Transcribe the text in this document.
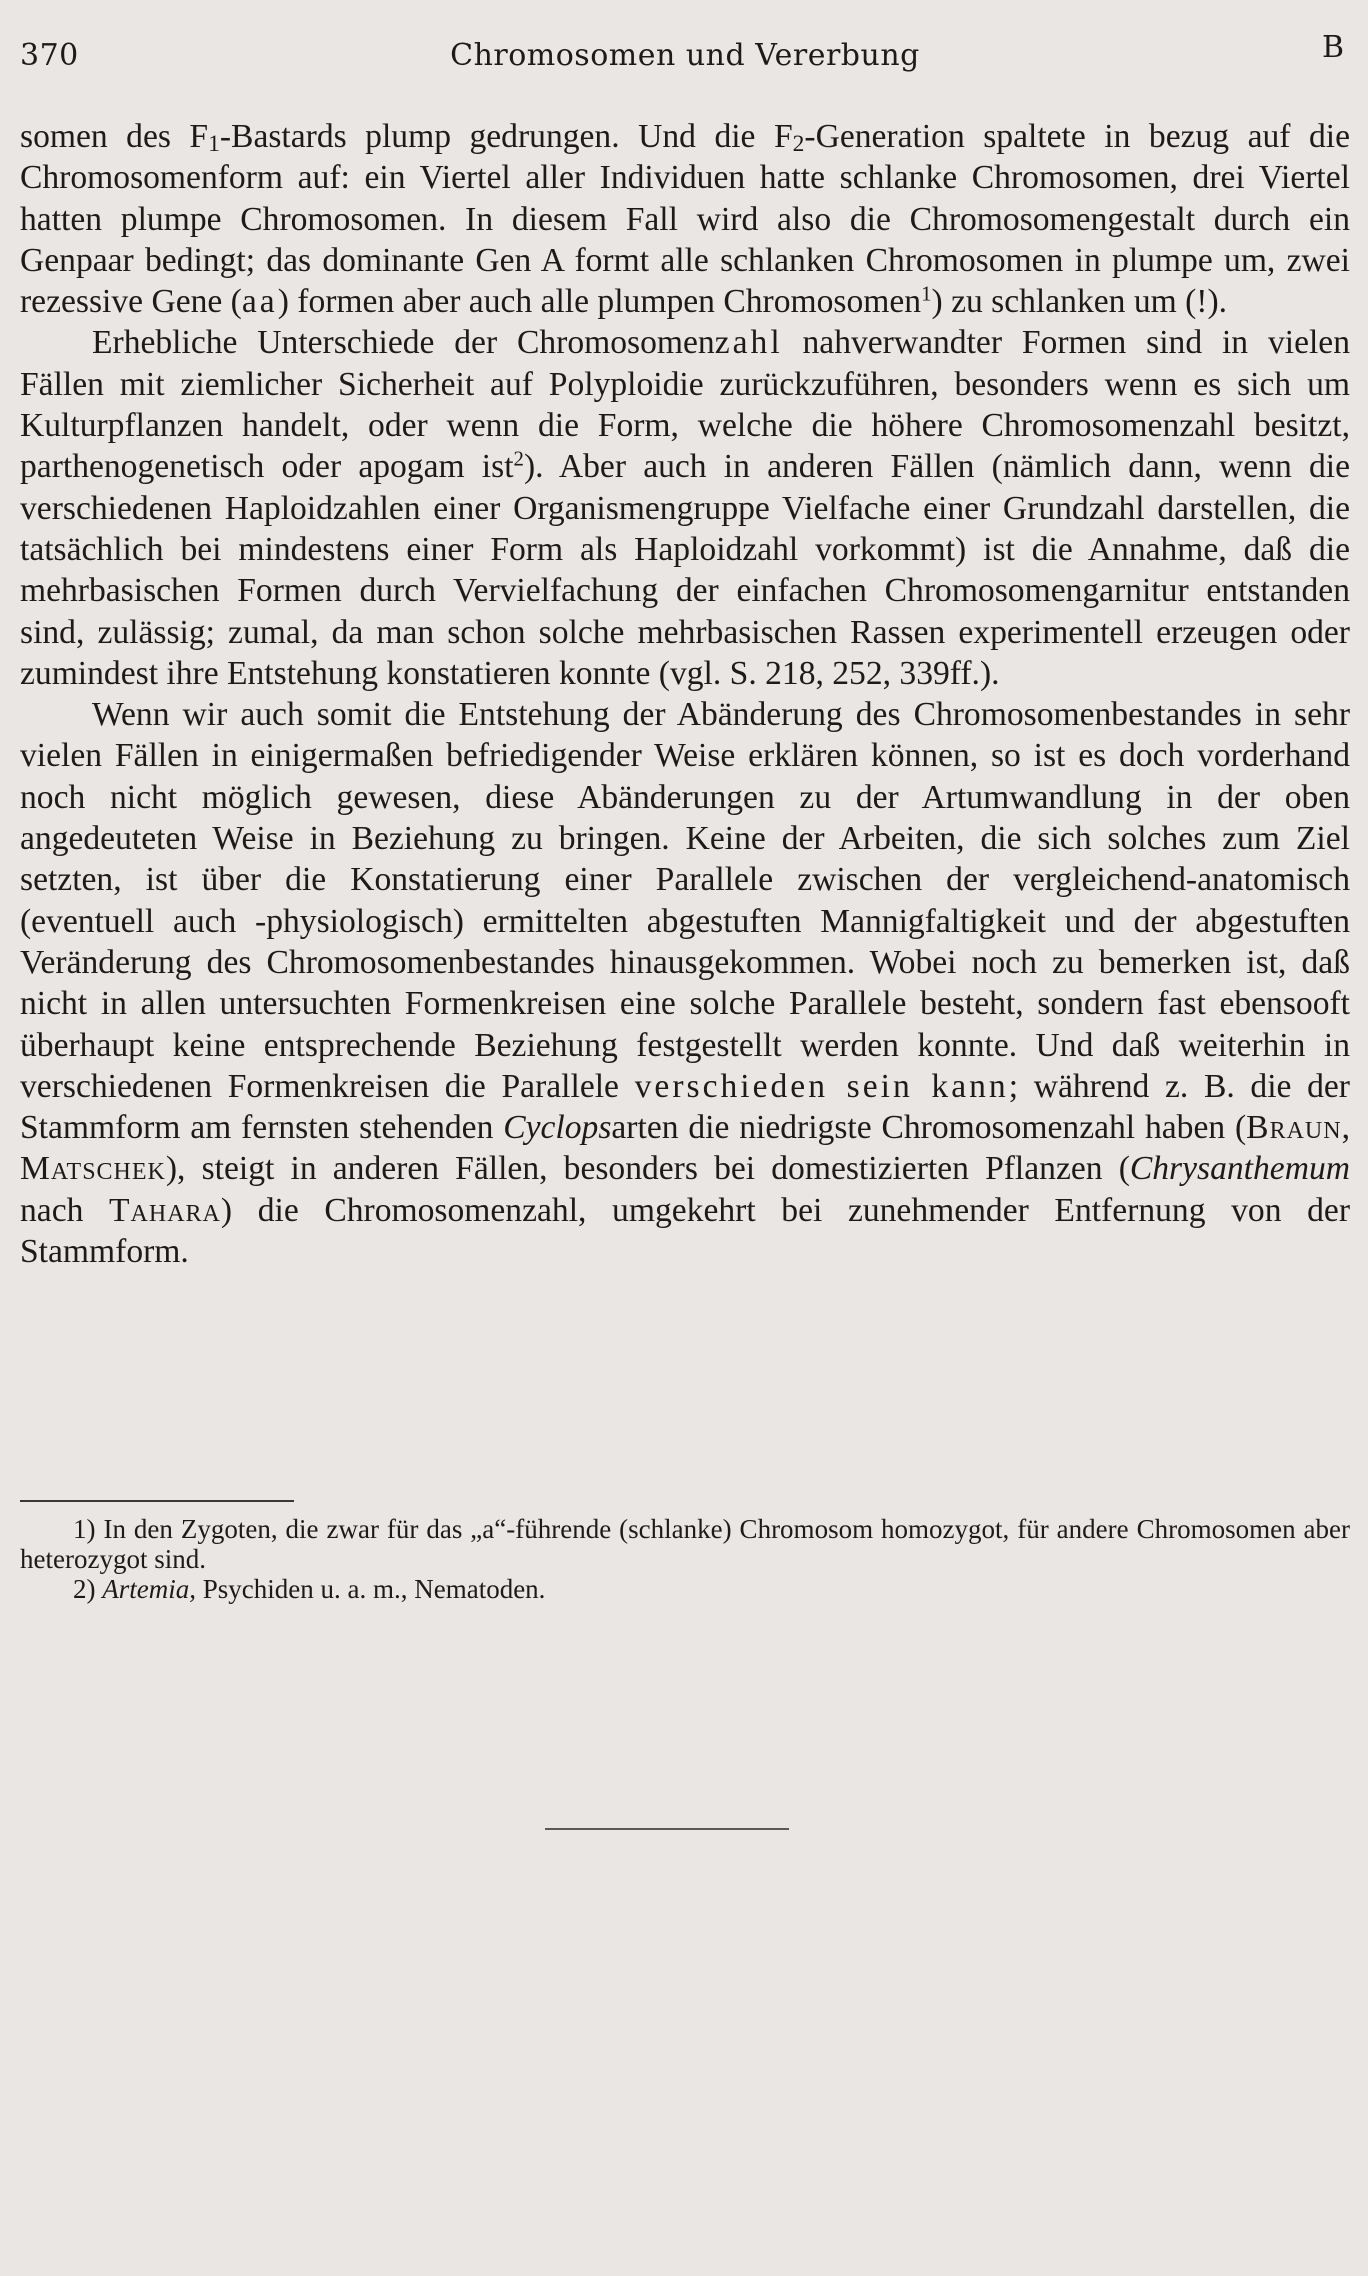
370	Chromosomen und Vererbung	B

somen des F1-Bastards plump gedrungen. Und die F2-Generation spaltete in bezug auf die Chromosomenform auf: ein Viertel aller Individuen hatte schlanke Chromosomen, drei Viertel hatten plumpe Chromosomen. In diesem Fall wird also die Chromosomengestalt durch ein Genpaar bedingt; das dominante Gen A formt alle schlanken Chromosomen in plumpe um, zwei rezessive Gene (aa) formen aber auch alle plumpen Chromosomen$^1$) zu schlanken um (!).

Erhebliche Unterschiede der Chromosomenzahl nahverwandter Formen sind in vielen Fällen mit ziemlicher Sicherheit auf Polyploidie zurückzuführen, besonders wenn es sich um Kulturpflanzen handelt, oder wenn die Form, welche die höhere Chromosomenzahl besitzt, parthenogenetisch oder apogam ist$^2$). Aber auch in anderen Fällen (nämlich dann, wenn die verschiedenen Haploidzahlen einer Organismengruppe Vielfache einer Grundzahl darstellen, die tatsächlich bei mindestens einer Form als Haploidzahl vorkommt) ist die Annahme, daß die mehrbasischen Formen durch Vervielfachung der einfachen Chromosomengarnitur entstanden sind, zulässig; zumal, da man schon solche mehrbasischen Rassen experimentell erzeugen oder zumindest ihre Entstehung konstatieren konnte (vgl. S. 218, 252, 339ff.).

Wenn wir auch somit die Entstehung der Abänderung des Chromosomenbestandes in sehr vielen Fällen in einigermaßen befriedigender Weise erklären können, so ist es doch vorderhand noch nicht möglich gewesen, diese Abänderungen zu der Artumwandlung in der oben angedeuteten Weise in Beziehung zu bringen. Keine der Arbeiten, die sich solches zum Ziel setzten, ist über die Konstatierung einer Parallele zwischen der vergleichend-anatomisch (eventuell auch -physiologisch) ermittelten abgestuften Mannigfaltigkeit und der abgestuften Veränderung des Chromosomenbestandes hinausgekommen. Wobei noch zu bemerken ist, daß nicht in allen untersuchten Formenkreisen eine solche Parallele besteht, sondern fast ebensooft überhaupt keine entsprechende Beziehung festgestellt werden konnte. Und daß weiterhin in verschiedenen Formenkreisen die Parallele verschieden sein kann; während z. B. die der Stammform am fernsten stehenden Cyclopsarten die niedrigste Chromosomenzahl haben (Braun, Matschek), steigt in anderen Fällen, besonders bei domestizierten Pflanzen (Chrysanthemum nach Tahara) die Chromosomenzahl, umgekehrt bei zunehmender Entfernung von der Stammform.

1) In den Zygoten, die zwar für das „a“-führende (schlanke) Chromosom homozygot, für andere Chromosomen aber heterozygot sind.

2) Artemia, Psychiden u. a. m., Nematoden.
